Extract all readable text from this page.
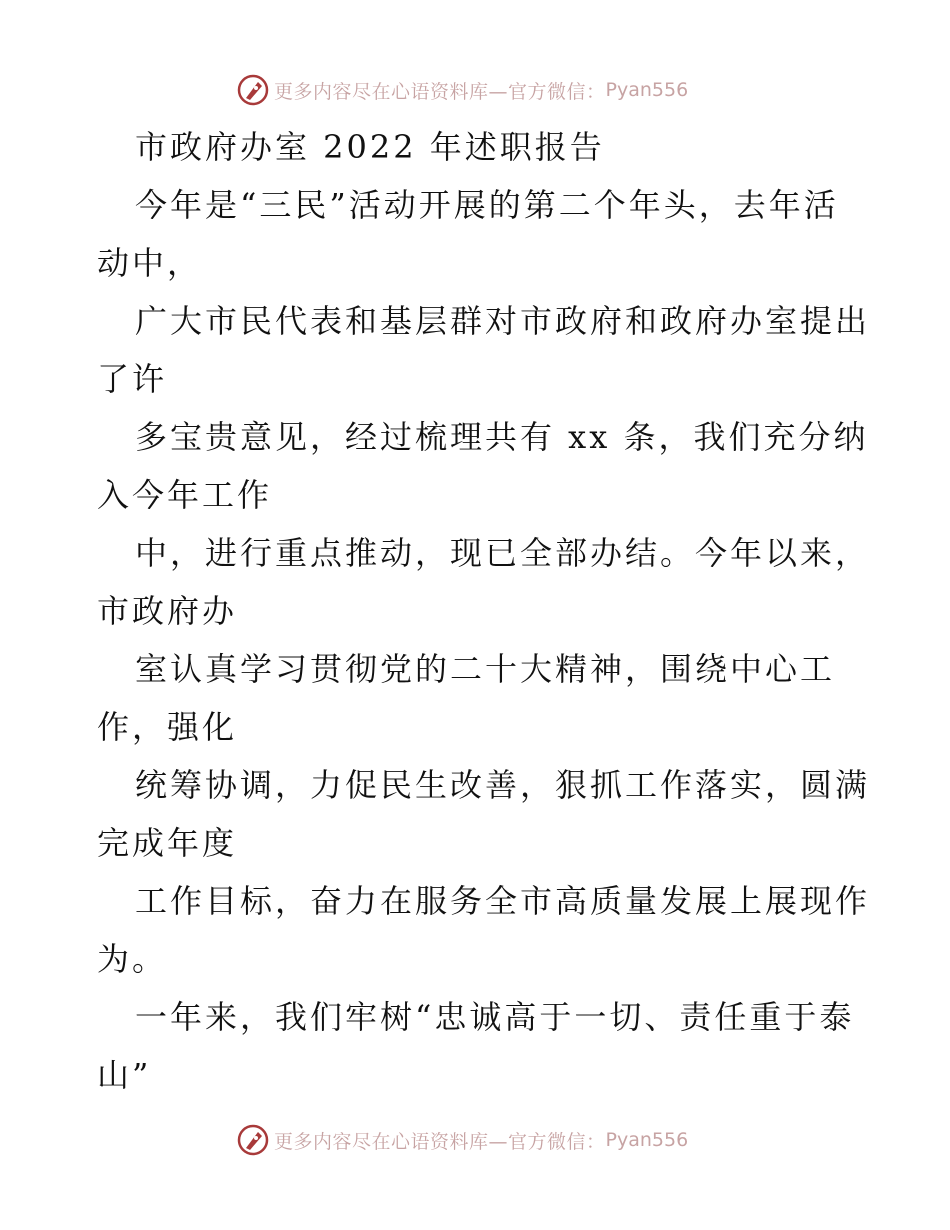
更多内容尽在心语资料库—官方微信： Pyan556
市政府办室 2022 年述职报告
今年是“三民”活动开展的第二个年头，去年活
动中，
广大市民代表和基层群对市政府和政府办室提出
了许
多宝贵意见，经过梳理共有 xx 条，我们充分纳
入今年工作
中，进行重点推动，现已全部办结。今年以来，
市政府办
室认真学习贯彻党的二十大精神，围绕中心工
作，强化
统筹协调，力促民生改善，狠抓工作落实，圆满
完成年度
工作目标，奋力在服务全市高质量发展上展现作
为。
一年来，我们牢树“忠诚高于一切、责任重于泰
山”
更多内容尽在心语资料库—官方微信： Pyan556
